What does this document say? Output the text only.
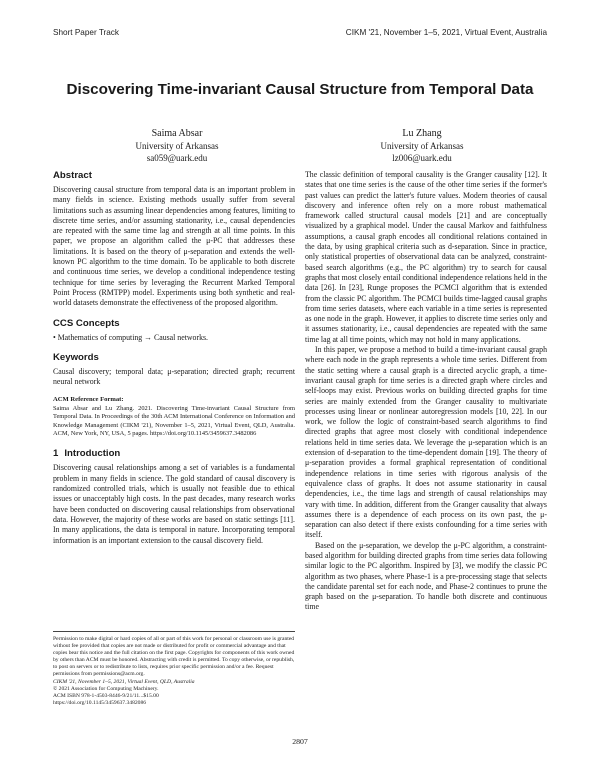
Short Paper Track	CIKM '21, November 1–5, 2021, Virtual Event, Australia
Discovering Time-invariant Causal Structure from Temporal Data
Saima Absar
University of Arkansas
sa059@uark.edu
Lu Zhang
University of Arkansas
lz006@uark.edu
Abstract

Discovering causal structure from temporal data is an important problem in many fields in science. Existing methods usually suffer from several limitations such as assuming linear dependencies among features, limiting to discrete time series, and/or assuming stationarity, i.e., causal dependencies are repeated with the same time lag and strength at all time points. In this paper, we propose an algorithm called the μ-PC that addresses these limitations. It is based on the theory of μ-separation and extends the well-known PC algorithm to the time domain. To be applicable to both discrete and continuous time series, we develop a conditional independence testing technique for time series by leveraging the Recurrent Marked Temporal Point Process (RMTPP) model. Experiments using both synthetic and real-world datasets demonstrate the effectiveness of the proposed algorithm.

CCS Concepts
• Mathematics of computing → Causal networks.
Keywords

Causal discovery; temporal data; μ-separation; directed graph; recurrent neural network

ACM Reference Format:
Saima Absar and Lu Zhang. 2021. Discovering Time-invariant Causal Structure from Temporal Data. In Proceedings of the 30th ACM International Conference on Information and Knowledge Management (CIKM '21), November 1–5, 2021, Virtual Event, QLD, Australia. ACM, New York, NY, USA, 5 pages. https://doi.org/10.1145/3459637.3482086
1 Introduction

Discovering causal relationships among a set of variables is a fundamental problem in many fields in science. The gold standard of causal discovery is randomized controlled trials, which is usually not feasible due to ethical issues or unacceptably high costs. In the past decades, many research works have been conducted on discovering causal relationships from observational data. However, the majority of these works are based on static settings [11]. In many applications, the data is temporal in nature. Incorporating temporal information is an important extension to the causal discovery field.

Permission to make digital or hard copies of all or part of this work for personal or classroom use is granted without fee provided that copies are not made or distributed for profit or commercial advantage and that copies bear this notice and the full citation on the first page. Copyrights for components of this work owned by others than ACM must be honored. Abstracting with credit is permitted. To copy otherwise, or republish, to post on servers or to redistribute to lists, requires prior specific permission and/or a fee. Request permissions from permissions@acm.org.
CIKM '21, November 1–5, 2021, Virtual Event, QLD, Australia
© 2021 Association for Computing Machinery.
ACM ISBN 978-1-4503-8446-9/21/11...$15.00
https://doi.org/10.1145/3459637.3482086

The classic definition of temporal causality is the Granger causality [12]. It states that one time series is the cause of the other time series if the former's past values can predict the latter's future values. Modern theories of causal discovery and inference often rely on a more robust mathematical framework called structural causal models [21] and are conceptually visualized by a graphical model. Under the causal Markov and faithfulness assumptions, a causal graph encodes all conditional relations contained in the data, by using graphical criteria such as d-separation. Since in practice, only statistical properties of observational data can be analyzed, constraint-based search algorithms (e.g., the PC algorithm) try to search for causal graphs that most closely entail conditional independence relations held in the data [26]. In [23], Runge proposes the PCMCI algorithm that is extended from the classic PC algorithm. The PCMCI builds time-lagged causal graphs from time series datasets, where each variable in a time series is represented as one node in the graph. However, it applies to discrete time series only and it assumes stationarity, i.e., causal dependencies are repeated with the same time lag at all time points, which may not hold in many applications.

In this paper, we propose a method to build a time-invariant causal graph where each node in the graph represents a whole time series. Different from the static setting where a causal graph is a directed acyclic graph, a time-invariant causal graph for time series is a directed graph where circles and self-loops may exist. Previous works on building directed graphs for time series are mainly extended from the Granger causality to multivariate processes using linear or nonlinear autoregression models [10, 22]. In our work, we follow the logic of constraint-based search algorithms to find directed graphs that agree most closely with conditional independence relations held in time series data. We leverage the μ-separation which is an extension of d-separation to the time-dependent domain [19]. The theory of μ-separation provides a formal graphical representation of conditional independence relations in time series with rigorous analysis of the equivalence class of graphs. It does not assume stationarity in causal dependencies, i.e., the time lags and strength of causal relationships may vary with time. In addition, different from the Granger causality that always assumes there is a dependence of each process on its own past, the μ-separation can also detect if there exists confounding for a time series with itself.

Based on the μ-separation, we develop the μ-PC algorithm, a constraint-based algorithm for building directed graphs from time series data following similar logic to the PC algorithm. Inspired by [3], we modify the classic PC algorithm as two phases, where Phase-1 is a pre-processing stage that selects the candidate parental set for each node, and Phase-2 continues to prune the graph based on the μ-separation. To handle both discrete and continuous time

2807
